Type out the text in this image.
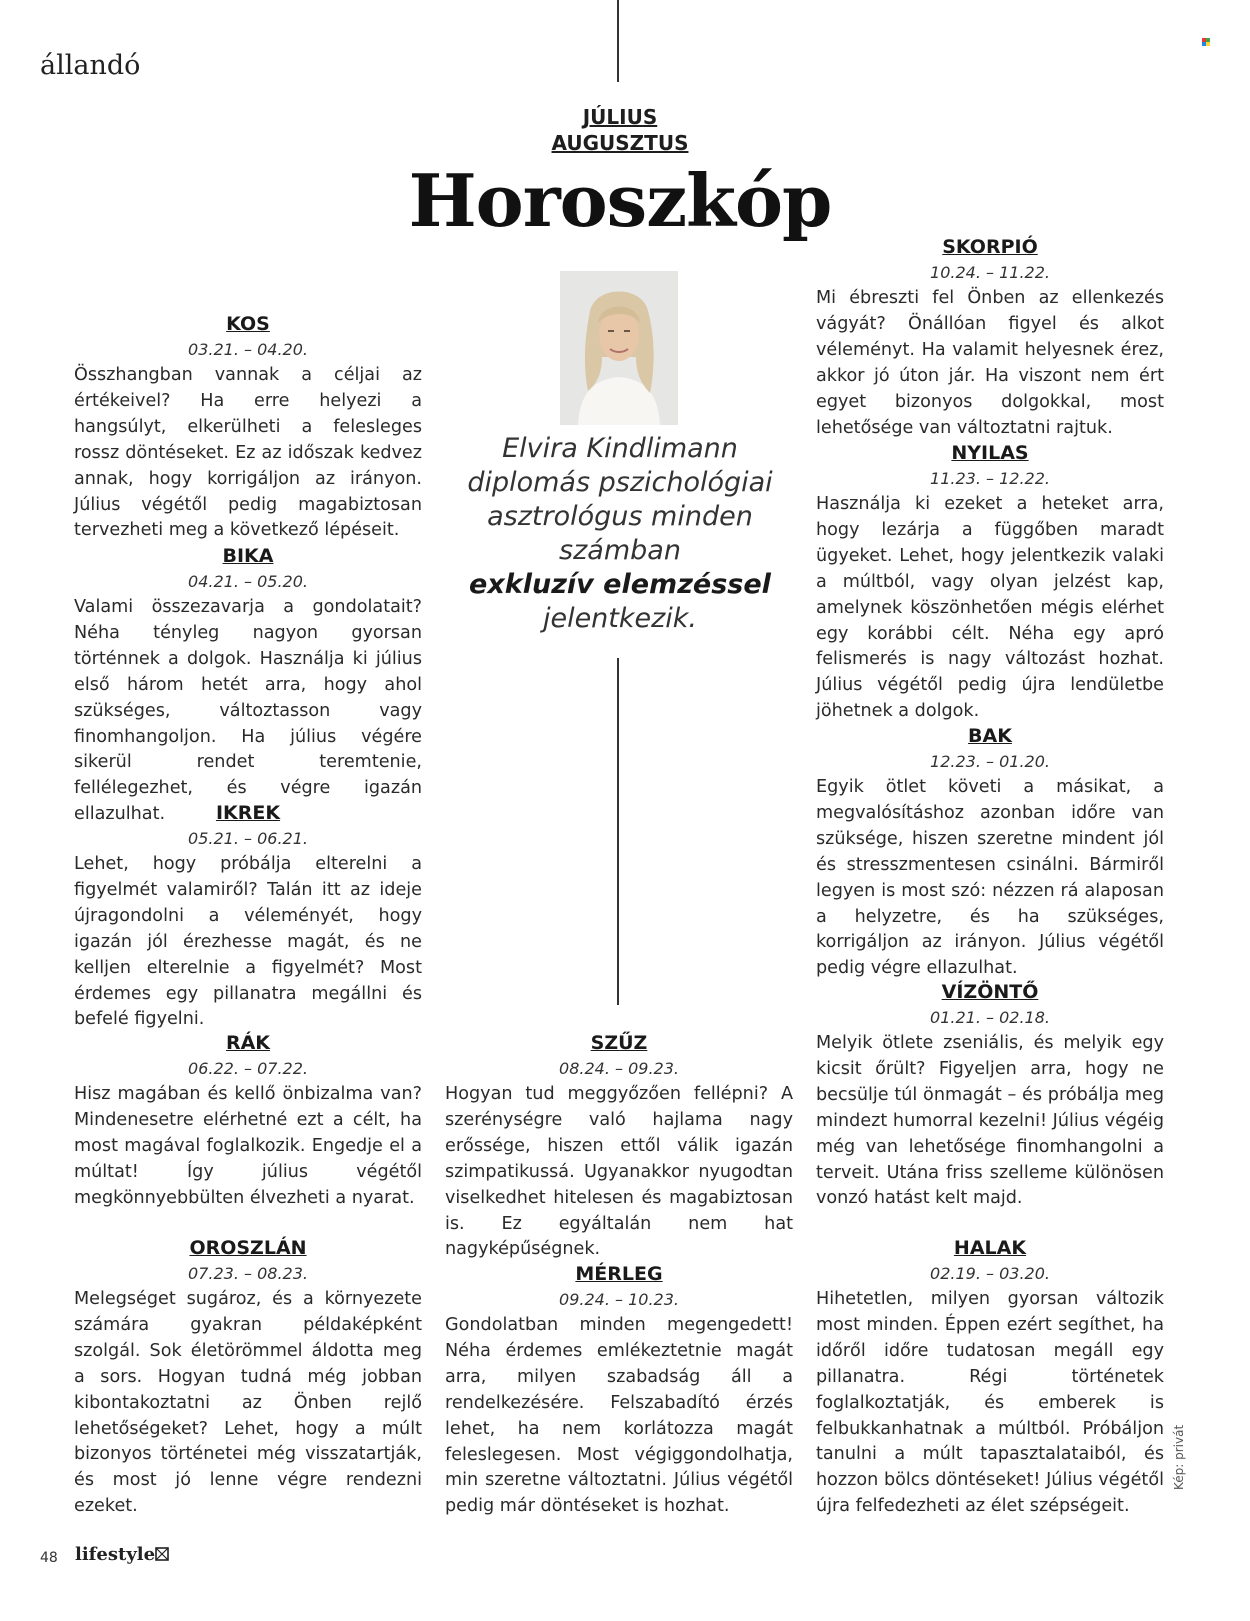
állandó
JÚLIUS
AUGUSZTUS
Horoszkóp
Elvira Kindlimann
diplomás pszichológiai
asztrológus minden
számban
exkluzív elemzéssel
jelentkezik.
KOS
03.21. – 04.20.
Összhangban vannak a céljai az értékeivel? Ha erre helyezi a hangsúlyt, elkerülheti a felesleges rossz döntéseket. Ez az időszak kedvez annak, hogy korrigáljon az irányon. Július végétől pedig magabiztosan tervezheti meg a következő lépéseit.
BIKA
04.21. – 05.20.
Valami összezavarja a gondolatait? Néha tényleg nagyon gyorsan történnek a dolgok. Használja ki július első három hetét arra, hogy ahol szükséges, változtasson vagy finomhangoljon. Ha július végére sikerül rendet teremtenie, fellélegezhet, és végre igazán ellazulhat.	IKREK
05.21. – 06.21.
Lehet, hogy próbálja elterelni a figyelmét valamiről? Talán itt az ideje újragondolni a véleményét, hogy igazán jól érezhesse magát, és ne kelljen elterelnie a figyelmét? Most érdemes egy pillanatra megállni és befelé figyelni.
RÁK
06.22. – 07.22.
Hisz magában és kellő önbizalma van? Mindenesetre elérhetné ezt a célt, ha most magával foglalkozik. Engedje el a múltat! Így július végétől megkönnyebbülten élvezheti a nyarat.
OROSZLÁN
07.23. – 08.23.
Melegséget sugároz, és a környezete számára gyakran példaképként szolgál. Sok életörömmel áldotta meg a sors. Hogyan tudná még jobban kibontakoztatni az Önben rejlő lehetőségeket? Lehet, hogy a múlt bizonyos történetei még visszatartják, és most jó lenne végre rendezni ezeket.
SZŰZ
08.24. – 09.23.
Hogyan tud meggyőzően fellépni? A szerénységre való hajlama nagy erőssége, hiszen ettől válik igazán szimpatikussá. Ugyanakkor nyugodtan viselkedhet hitelesen és magabiztosan is. Ez egyáltalán nem hat nagyképűségnek.
MÉRLEG
09.24. – 10.23.
Gondolatban minden megengedett! Néha érdemes emlékeztetnie magát arra, milyen szabadság áll a rendelkezésére. Felszabadító érzés lehet, ha nem korlátozza magát feleslegesen. Most végiggondolhatja, min szeretne változtatni. Július végétől pedig már döntéseket is hozhat.
SKORPIÓ
10.24. – 11.22.
Mi ébreszti fel Önben az ellenkezés vágyát? Önállóan figyel és alkot véleményt. Ha valamit helyesnek érez, akkor jó úton jár. Ha viszont nem ért egyet bizonyos dolgokkal, most lehetősége van változtatni rajtuk.
NYILAS
11.23. – 12.22.
Használja ki ezeket a heteket arra, hogy lezárja a függőben maradt ügyeket. Lehet, hogy jelentkezik valaki a múltból, vagy olyan jelzést kap, amelynek köszönhetően mégis elérhet egy korábbi célt. Néha egy apró felismerés is nagy változást hozhat. Július végétől pedig újra lendületbe jöhetnek a dolgok.
BAK
12.23. – 01.20.
Egyik ötlet követi a másikat, a megvalósításhoz azonban időre van szüksége, hiszen szeretne mindent jól és stresszmentesen csinálni. Bármiről legyen is most szó: nézzen rá alaposan a helyzetre, és ha szükséges, korrigáljon az irányon. Július végétől pedig végre ellazulhat.
VÍZÖNTŐ
01.21. – 02.18.
Melyik ötlete zseniális, és melyik egy kicsit őrült? Figyeljen arra, hogy ne becsülje túl önmagát – és próbálja meg mindezt humorral kezelni! Július végéig még van lehetősége finomhangolni a terveit. Utána friss szelleme különösen vonzó hatást kelt majd.
HALAK
02.19. – 03.20.
Hihetetlen, milyen gyorsan változik most minden. Éppen ezért segíthet, ha időről időre tudatosan megáll egy pillanatra. Régi történetek foglalkoztatják, és emberek is felbukkanhatnak a múltból. Próbáljon tanulni a múlt tapasztalataiból, és hozzon bölcs döntéseket! Július végétől újra felfedezheti az élet szépségeit.
Kép: privát
48 lifestyle
